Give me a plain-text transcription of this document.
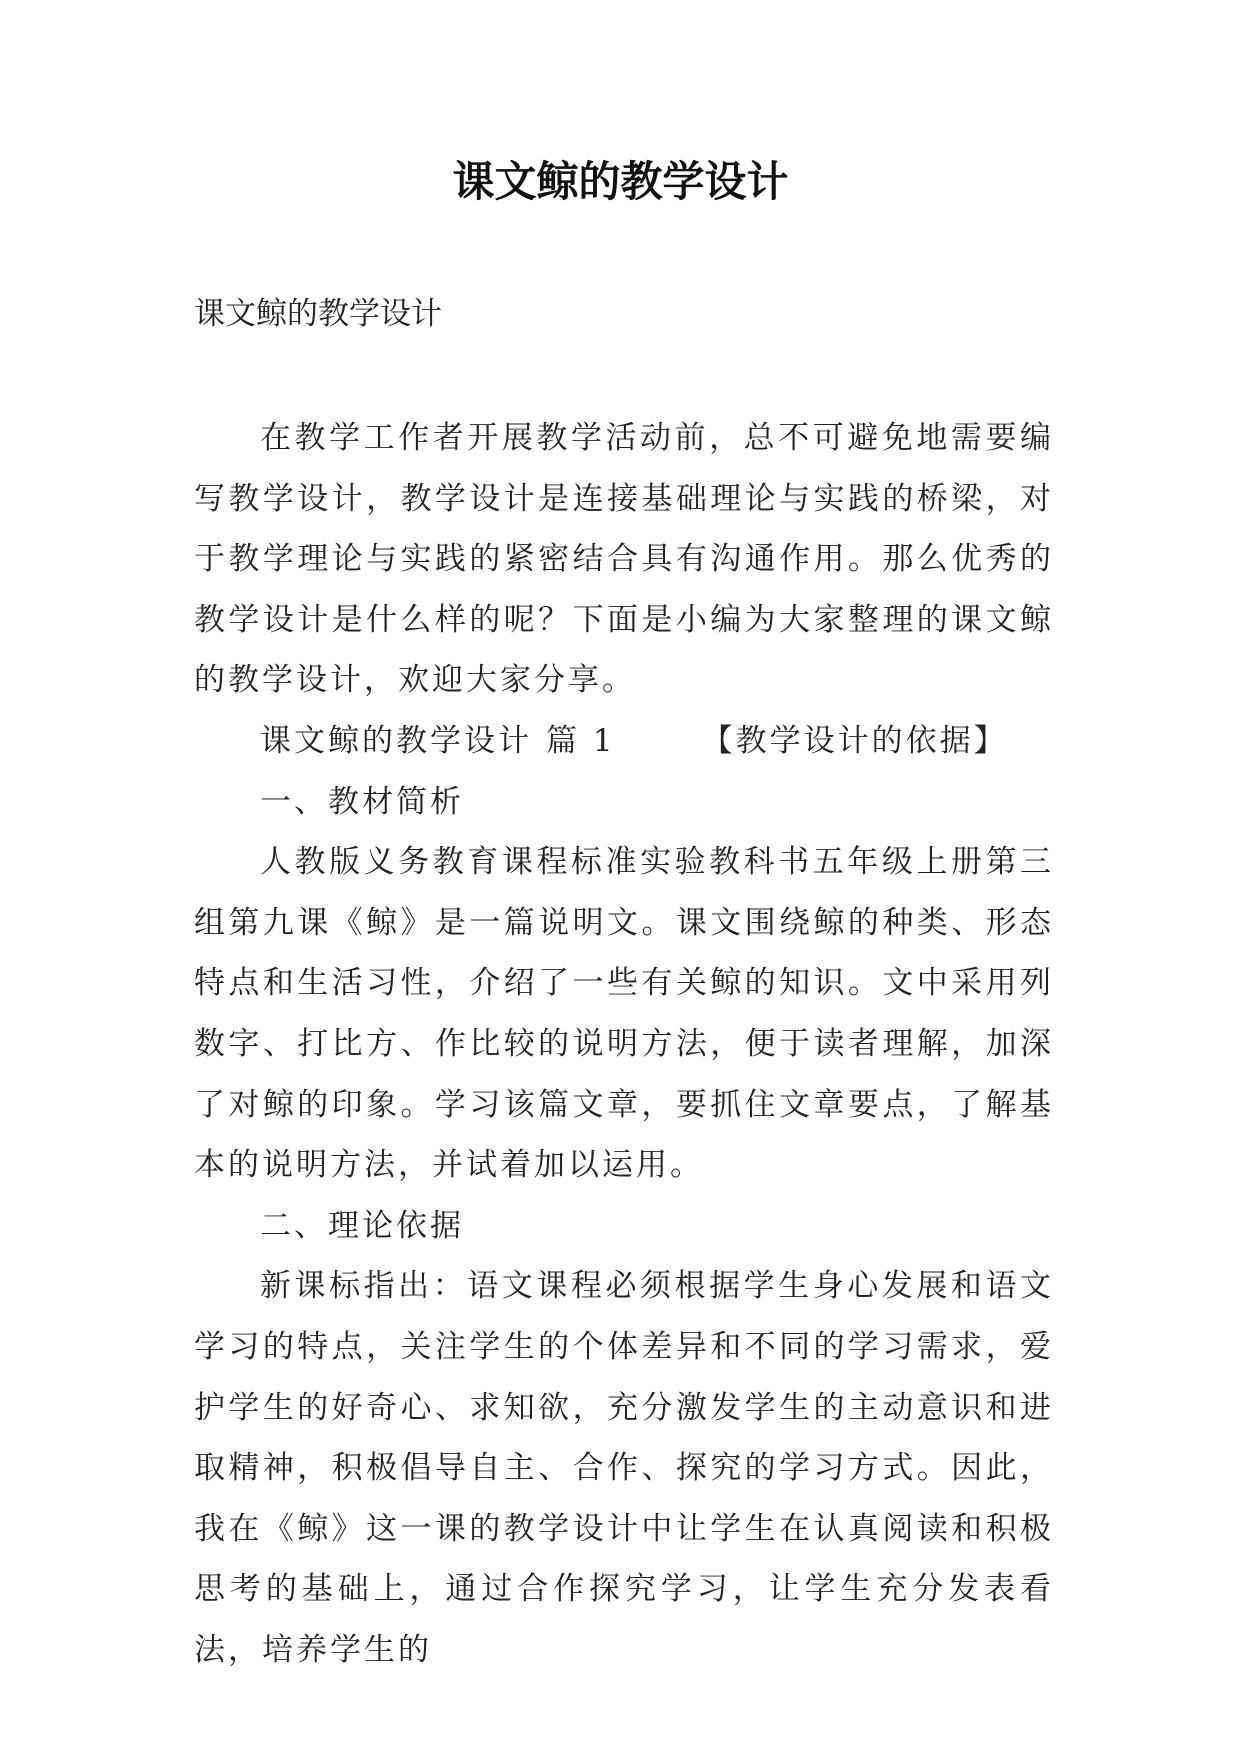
课文鲸的教学设计
课文鲸的教学设计

在教学工作者开展教学活动前，总不可避免地需要编写教学设计，教学设计是连接基础理论与实践的桥梁，对于教学理论与实践的紧密结合具有沟通作用。那么优秀的教学设计是什么样的呢？下面是小编为大家整理的课文鲸的教学设计，欢迎大家分享。

课文鲸的教学设计 篇 1	【教学设计的依据】

一、教材简析

人教版义务教育课程标准实验教科书五年级上册第三组第九课《鲸》是一篇说明文。课文围绕鲸的种类、形态特点和生活习性，介绍了一些有关鲸的知识。文中采用列数字、打比方、作比较的说明方法，便于读者理解，加深了对鲸的印象。学习该篇文章，要抓住文章要点，了解基本的说明方法，并试着加以运用。

二、理论依据

新课标指出：语文课程必须根据学生身心发展和语文学习的特点，关注学生的个体差异和不同的学习需求，爱护学生的好奇心、求知欲，充分激发学生的主动意识和进取精神，积极倡导自主、合作、探究的学习方式。因此，我在《鲸》这一课的教学设计中让学生在认真阅读和积极思考的基础上，通过合作探究学习，让学生充分发表看法，培养学生的
